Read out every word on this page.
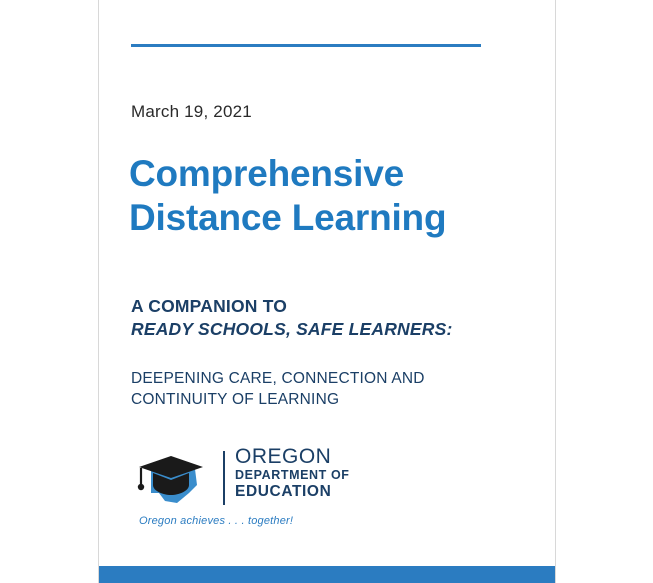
March 19, 2021
Comprehensive
Distance Learning
A COMPANION TO
READY SCHOOLS, SAFE LEARNERS:
DEEPENING CARE, CONNECTION AND
CONTINUITY OF LEARNING
OREGON
DEPARTMENT OF
EDUCATION
Oregon achieves . . . together!
